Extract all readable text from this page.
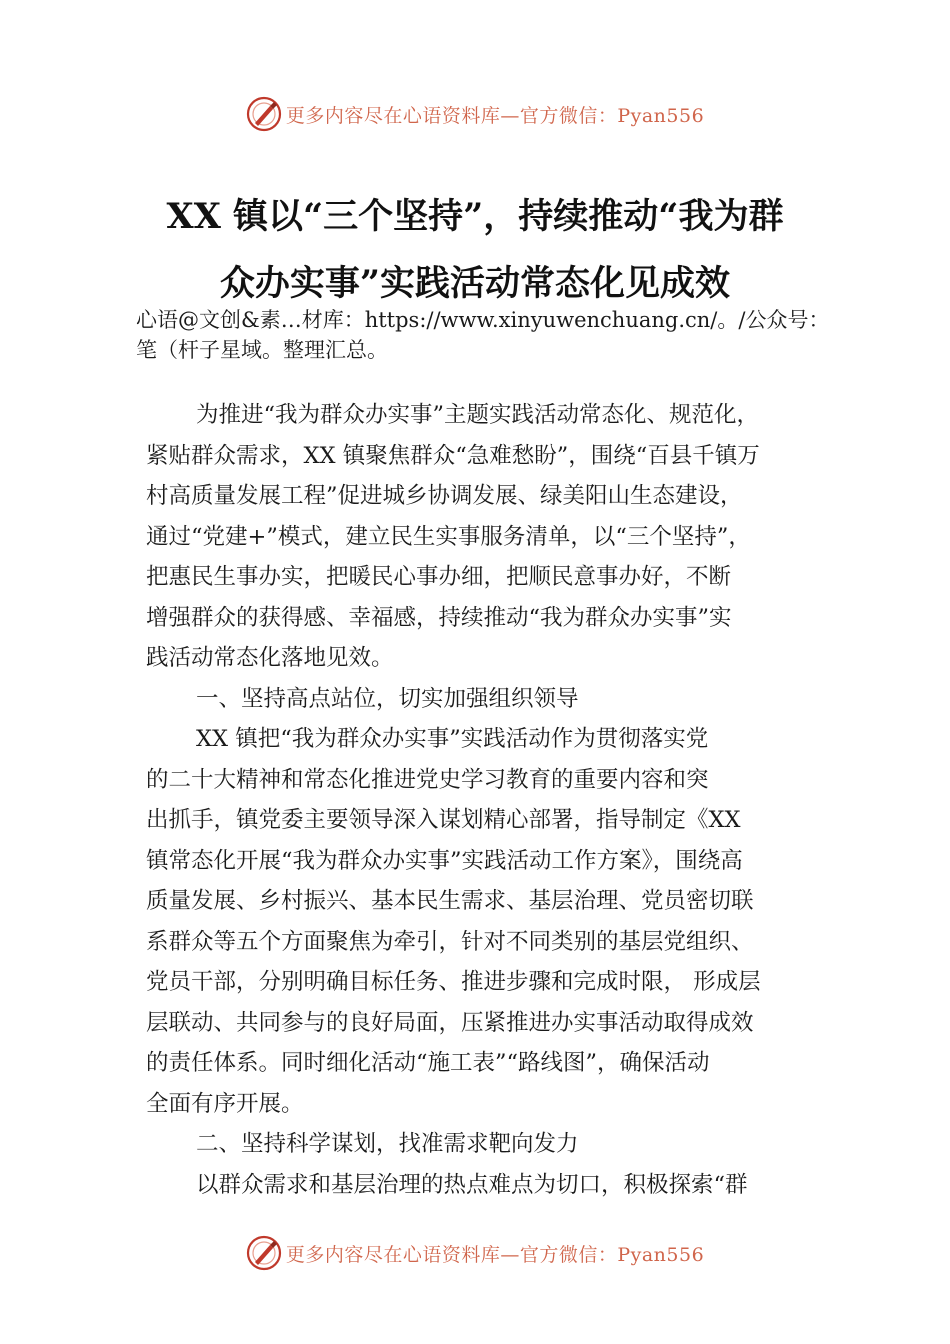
更多内容尽在心语资料库—官方微信：Pyan556
XX 镇以“三个坚持”，持续推动“我为群
众办实事”实践活动常态化见成效
心语@文创&素…材库：https://www.xinyuwenchuang.cn/。/公众号：笔（杆子星域。整理汇总。
为推进“我为群众办实事”主题实践活动常态化、规范化，
紧贴群众需求，XX 镇聚焦群众“急难愁盼”，围绕“百县千镇万
村高质量发展工程”促进城乡协调发展、绿美阳山生态建设，
通过“党建+”模式，建立民生实事服务清单，以“三个坚持”，
把惠民生事办实，把暖民心事办细，把顺民意事办好，不断
增强群众的获得感、幸福感，持续推动“我为群众办实事”实
践活动常态化落地见效。
一、坚持高点站位，切实加强组织领导
XX 镇把“我为群众办实事”实践活动作为贯彻落实党
的二十大精神和常态化推进党史学习教育的重要内容和突
出抓手，镇党委主要领导深入谋划精心部署，指导制定《XX
镇常态化开展“我为群众办实事”实践活动工作方案》，围绕高
质量发展、乡村振兴、基本民生需求、基层治理、党员密切联
系群众等五个方面聚焦为牵引，针对不同类别的基层党组织、
党员干部，分别明确目标任务、推进步骤和完成时限， 形成层
层联动、共同参与的良好局面，压紧推进办实事活动取得成效
的责任体系。同时细化活动“施工表”“路线图”，确保活动
全面有序开展。
二、坚持科学谋划，找准需求靶向发力
以群众需求和基层治理的热点难点为切口，积极探索“群
更多内容尽在心语资料库—官方微信：Pyan556
